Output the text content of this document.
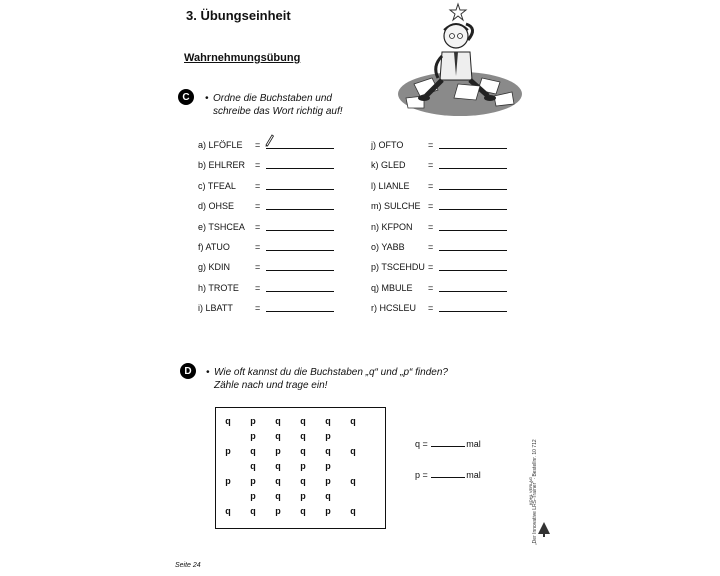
3. Übungseinheit
Wahrnehmungsübung
C	• Ordne die Buchstaben und
schreibe das Wort richtig auf!
a) LFÖFLE =
b) EHLRER =
c) TFEAL =
d) OHSE =
e) TSHCEA =
f) ATUO	=
g) KDIN	=
h) TROTE =
i) LBATT =
j) OFTO	=
k) GLED =
l) LIANLE =
m) SULCHE =
n) KFPON =
o) YABB	=
p) TSCEHDU =
q) MBULE =
r) HCSLEU =
D	• Wie oft kannst du die Buchstaben „q“ und „p“ finden?
Zähle nach und trage ein!
q	p	q	q	q	q
p	q	q	p
p	q	p	q	q	q
q	q	p	p
p	p	q	q	p	q
p	q	p	q
q	q	p	q	p	q
q =	mal
p =	mal	„Der Innovative LRS-Trainer“ · Bestellnr. 10 712
KOHL VERLAG
Seite 24
